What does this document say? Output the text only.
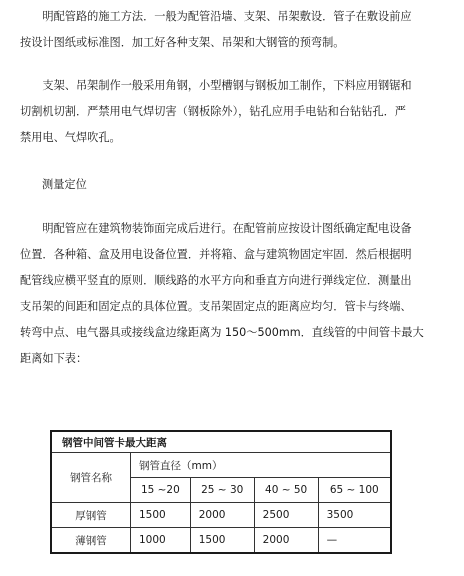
　　明配管路的施工方法．一般为配管沿墙、支架、吊架敷设．管子在敷设前应
按设计图纸或标准图．加工好各种支架、吊架和大钢管的预弯制。
　　支架、吊架制作一般采用角钢，小型槽钢与钢板加工制作，下料应用钢锯和
切割机切割．严禁用电气焊切害（钢板除外），钻孔应用手电钻和台钻钻孔．严
禁用电、气焊吹孔。
测量定位
　　明配管应在建筑物装饰面完成后进行。在配管前应按设计图纸确定配电设备
位置．各种箱、盒及用电设备位置．并将箱、盒与建筑物固定牢固．然后根据明
配管线应横平竖直的原则．顺线路的水平方向和垂直方向进行弹线定位．测量出
支吊架的间距和固定点的具体位置。支吊架固定点的距离应均匀．管卡与终端、
转弯中点、电气器具或接线盒边缘距离为 150～500mm．直线管的中间管卡最大
距离如下表：
钢管中间管卡最大距离				
钢管名称	钢管直径（mm）			
	15 ~20	25 ~ 30	40 ~ 50	65 ~ 100
厚钢管	1500	2000	2500	3500
薄钢管	1000	1500	2000	—
